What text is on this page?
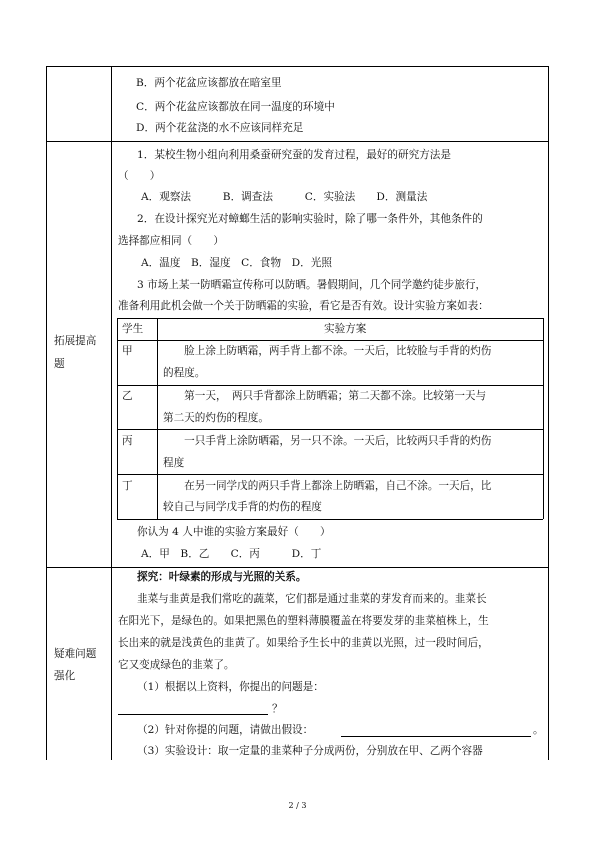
B．两个花盆应该都放在暗室里
C．两个花盆应该都放在同一温度的环境中
D．两个花盆浇的水不应该同样充足
拓展提高
题
1．某校生物小组向利用桑蚕研究蚕的发育过程，最好的研究方法是
（　　）
A．观察法　　　B．调查法　　　C．实验法　　D．测量法
2．在设计探究光对蟑螂生活的影响实验时，除了哪一条件外，其他条件的
选择都应相同（　　）
A．温度　B．湿度　C．食物　D．光照
3 市场上某一防晒霜宣传称可以防晒。暑假期间，几个同学邀约徒步旅行，
准备利用此机会做一个关于防晒霜的实验，看它是否有效。设计实验方案如表：
学生	实验方案
甲	　　脸上涂上防晒霜，两手背上都不涂。一天后，比较脸与手背的灼伤
的程度。
乙	　　第一天，　两只手背都涂上防晒霜；第二天都不涂。比较第一天与
第二天的灼伤的程度。
丙	　　一只手背上涂防晒霜，另一只不涂。一天后，比较两只手背的灼伤
程度
丁	　　在另一同学戊的两只手背上都涂上防晒霜，自己不涂。一天后，比
较自己与同学戊手背的灼伤的程度
你认为 4 人中谁的实验方案最好（　　）
A．甲　B．乙　　C．丙　　　D．丁
疑难问题
强化
探究：叶绿素的形成与光照的关系。
韭菜与韭黄是我们常吃的蔬菜，它们都是通过韭菜的芽发育而来的。韭菜长
在阳光下，是绿色的。如果把黑色的塑料薄膜覆盖在将要发芽的韭菜植株上，生
长出来的就是浅黄色的韭黄了。如果给予生长中的韭黄以光照，过一段时间后，
它又变成绿色的韭菜了。
（1）根据以上资料，你提出的问题是：
？
（2）针对你提的问题，请做出假设：	。
（3）实验设计：取一定量的韭菜种子分成两份，分别放在甲、乙两个容器
2 / 3
